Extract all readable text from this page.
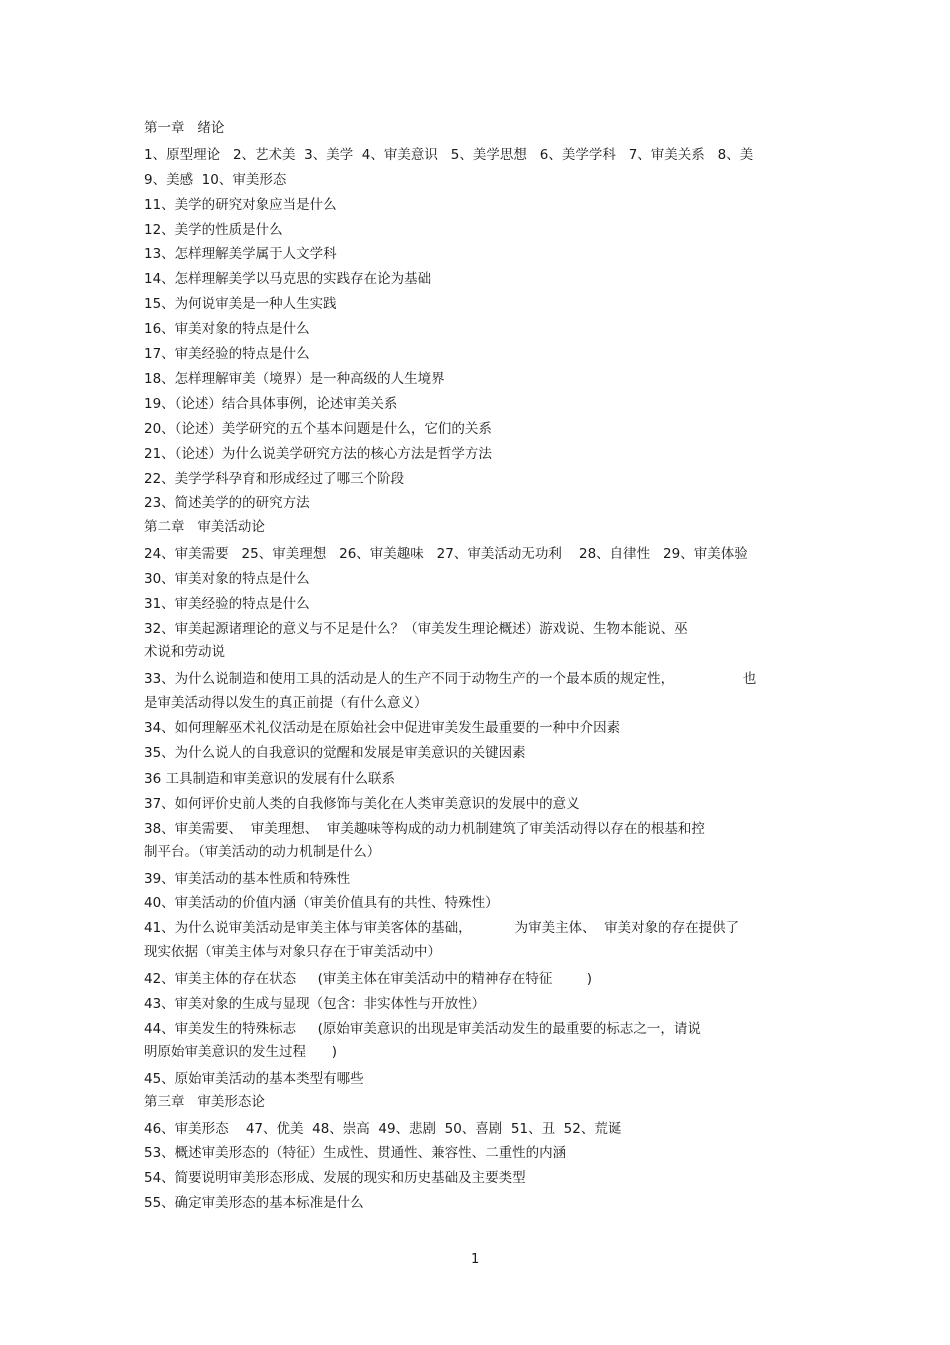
第一章   绪论
1、原型理论   2、艺术美  3、美学  4、审美意识   5、美学思想   6、美学学科   7、审美关系   8、美
9、美感  10、审美形态
11、美学的研究对象应当是什么
12、美学的性质是什么
13、怎样理解美学属于人文学科
14、怎样理解美学以马克思的实践存在论为基础
15、为何说审美是一种人生实践
16、审美对象的特点是什么
17、审美经验的特点是什么
18、怎样理解审美（境界）是一种高级的人生境界
19、（论述）结合具体事例，论述审美关系
20、（论述）美学研究的五个基本问题是什么，它们的关系
21、（论述）为什么说美学研究方法的核心方法是哲学方法
22、美学学科孕育和形成经过了哪三个阶段
23、简述美学的的研究方法
第二章   审美活动论
24、审美需要   25、审美理想   26、审美趣味   27、审美活动无功利    28、自律性   29、审美体验
30、审美对象的特点是什么
31、审美经验的特点是什么
32、审美起源诸理论的意义与不足是什么？（审美发生理论概述）游戏说、生物本能说、巫
术说和劳动说
33、为什么说制造和使用工具的活动是人的生产不同于动物生产的一个最本质的规定性，                也
是审美活动得以发生的真正前提（有什么意义）
34、如何理解巫术礼仪活动是在原始社会中促进审美发生最重要的一种中介因素
35、为什么说人的自我意识的觉醒和发展是审美意识的关键因素
36 工具制造和审美意识的发展有什么联系
37、如何评价史前人类的自我修饰与美化在人类审美意识的发展中的意义
38、审美需要、  审美理想、  审美趣味等构成的动力机制建筑了审美活动得以存在的根基和控
制平台。（审美活动的动力机制是什么）
39、审美活动的基本性质和特殊性
40、审美活动的价值内涵（审美价值具有的共性、特殊性）
41、为什么说审美活动是审美主体与审美客体的基础，          为审美主体、  审美对象的存在提供了
现实依据（审美主体与对象只存在于审美活动中）
42、审美主体的存在状态     (审美主体在审美活动中的精神存在特征        )
43、审美对象的生成与显现（包含：非实体性与开放性）
44、审美发生的特殊标志     (原始审美意识的出现是审美活动发生的最重要的标志之一，请说
明原始审美意识的发生过程      )
45、原始审美活动的基本类型有哪些
第三章   审美形态论
46、审美形态    47、优美  48、崇高  49、悲剧  50、喜剧  51、丑  52、荒诞
53、概述审美形态的（特征）生成性、贯通性、兼容性、二重性的内涵
54、简要说明审美形态形成、发展的现实和历史基础及主要类型
55、确定审美形态的基本标准是什么
1
